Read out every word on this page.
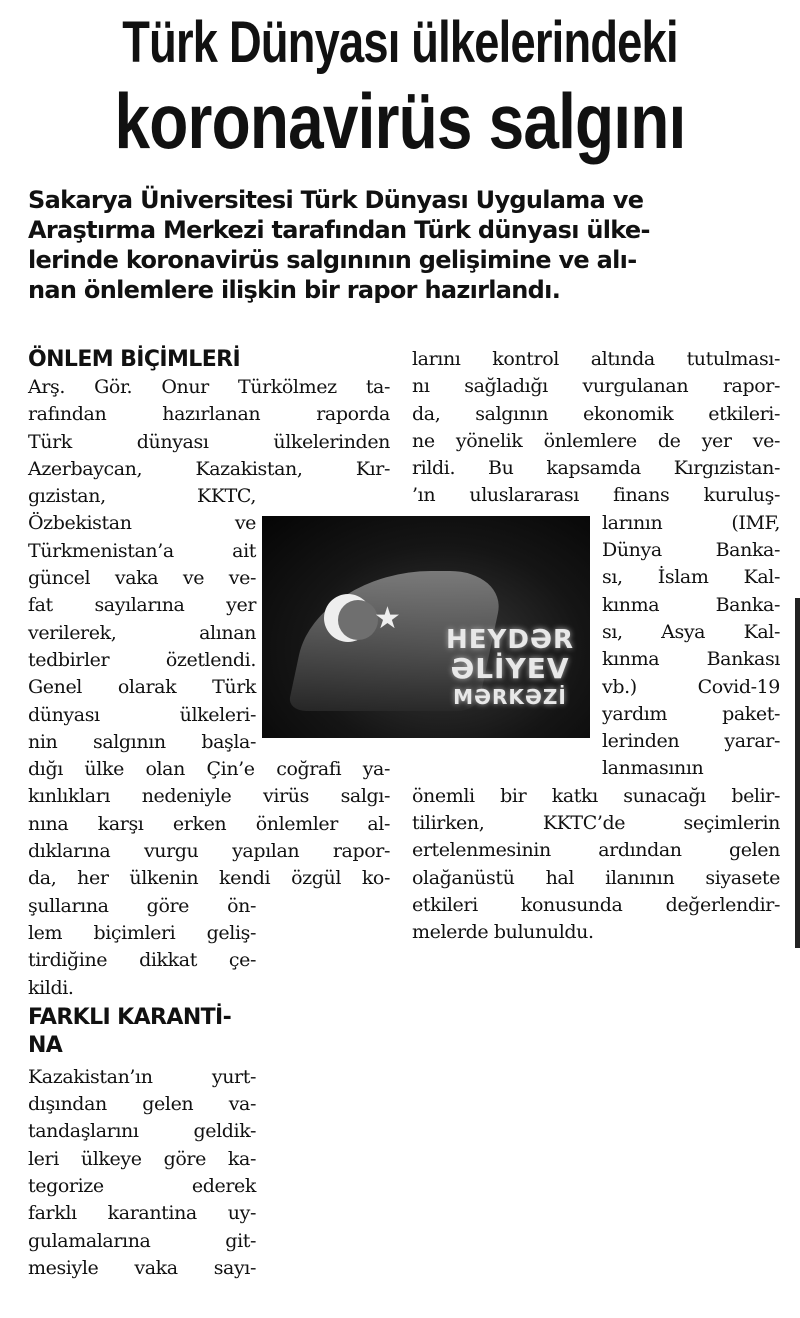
Türk Dünyası ülkelerindeki
koronavirüs salgını
Sakarya Üniversitesi Türk Dünyası Uygulama ve
Araştırma Merkezi tarafından Türk dünyası ülke-
lerinde koronavirüs salgınının gelişimine ve alı-
nan önlemlere ilişkin bir rapor hazırlandı.
ÖNLEM BİÇİMLERİ
Arş. Gör. Onur Türkölmez ta-
rafından hazırlanan raporda
Türk dünyası ülkelerinden
Azerbaycan, Kazakistan, Kır-
gızistan, KKTC,
Özbekistan ve
Türkmenistan’a ait
güncel vaka ve ve-
fat sayılarına yer
verilerek, alınan
tedbirler özetlendi.
Genel olarak Türk
dünyası ülkeleri-
nin salgının başla-
dığı ülke olan Çin’e coğrafi ya-
kınlıkları nedeniyle virüs salgı-
nına karşı erken önlemler al-
dıklarına vurgu yapılan rapor-
da, her ülkenin kendi özgül ko-
şullarına göre ön-
lem biçimleri geliş-
tirdiğine dikkat çe-
kildi.
FARKLI KARANTİ-
NA
Kazakistan’ın yurt-
dışından gelen va-
tandaşlarını geldik-
leri ülkeye göre ka-
tegorize ederek
farklı karantina uy-
gulamalarına git-
mesiyle vaka sayı-
larını kontrol altında tutulması-
nı sağladığı vurgulanan rapor-
da, salgının ekonomik etkileri-
ne yönelik önlemlere de yer ve-
rildi. Bu kapsamda Kırgızistan-
’ın uluslararası finans kuruluş-
larının (IMF,
Dünya Banka-
sı, İslam Kal-
kınma Banka-
sı, Asya Kal-
kınma Bankası
vb.) Covid-19
yardım paket-
lerinden yarar-
lanmasının
önemli bir katkı sunacağı belir-
tilirken, KKTC’de seçimlerin
ertelenmesinin ardından gelen
olağanüstü hal ilanının siyasete
etkileri konusunda değerlendir-
melerde bulunuldu.
★
HEYDƏR
ƏLİYEV
MƏRKƏZİ
